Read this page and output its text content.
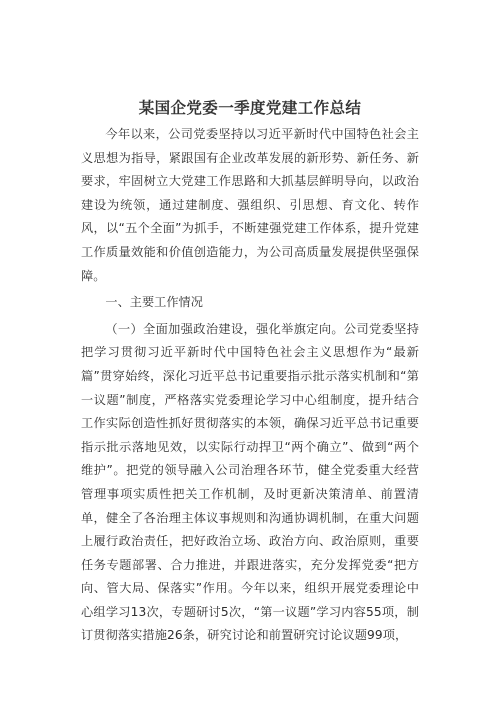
某国企党委一季度党建工作总结

今年以来，公司党委坚持以习近平新时代中国特色社会主义思想为指导，紧跟国有企业改革发展的新形势、新任务、新要求，牢固树立大党建工作思路和大抓基层鲜明导向，以政治建设为统领，通过建制度、强组织、引思想、育文化、转作风，以“五个全面”为抓手，不断建强党建工作体系，提升党建工作质量效能和价值创造能力，为公司高质量发展提供坚强保障。

一、主要工作情况

（一）全面加强政治建设，强化举旗定向。公司党委坚持把学习贯彻习近平新时代中国特色社会主义思想作为“最新篇”贯穿始终，深化习近平总书记重要指示批示落实机制和“第一议题”制度，严格落实党委理论学习中心组制度，提升结合工作实际创造性抓好贯彻落实的本领，确保习近平总书记重要指示批示落地见效，以实际行动捍卫“两个确立”、做到“两个维护”。把党的领导融入公司治理各环节，健全党委重大经营管理事项实质性把关工作机制，及时更新决策清单、前置清单，健全了各治理主体议事规则和沟通协调机制，在重大问题上履行政治责任，把好政治立场、政治方向、政治原则，重要任务专题部署、合力推进，并跟进落实，充分发挥党委“把方向、管大局、保落实”作用。今年以来，组织开展党委理论中心组学习13次，专题研讨5次，“第一议题”学习内容55项，制订贯彻落实措施26条，研究讨论和前置研究讨论议题99项，
